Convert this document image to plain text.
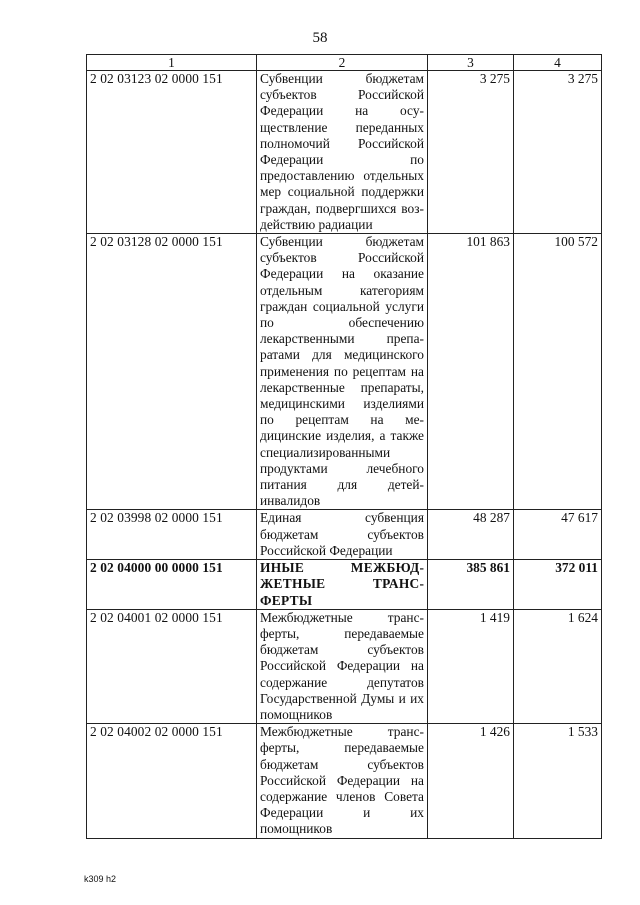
58
1	2	3	4
2 02 03123 02 0000 151	Субвенции бюджетам субъектов Российской Федерации на осуществление переданных полномочий Российской Федерации по предоставлению отдельных мер социальной поддержки граждан, подвергшихся воздействию радиации	3 275	3 275
2 02 03128 02 0000 151	Субвенции бюджетам субъектов Российской Федерации на оказание отдельным категориям граждан социальной услуги по обеспечению лекарственными препаратами для медицинского применения по рецептам на лекарственные препараты, медицинскими изделиями по рецептам на медицинские изделия, а также специализированными продуктами лечебного питания для детей-инвалидов	101 863	100 572
2 02 03998 02 0000 151	Единая субвенция бюджетам субъектов Российской Федерации	48 287	47 617
2 02 04000 00 0000 151	ИНЫЕ МЕЖБЮДЖЕТНЫЕ ТРАНСФЕРТЫ	385 861	372 011
2 02 04001 02 0000 151	Межбюджетные трансферты, передаваемые бюджетам субъектов Российской Федерации на содержание депутатов Государственной Думы и их помощников	1 419	1 624
2 02 04002 02 0000 151	Межбюджетные трансферты, передаваемые бюджетам субъектов Российской Федерации на содержание членов Совета Федерации и их помощников	1 426	1 533
k309 h2
